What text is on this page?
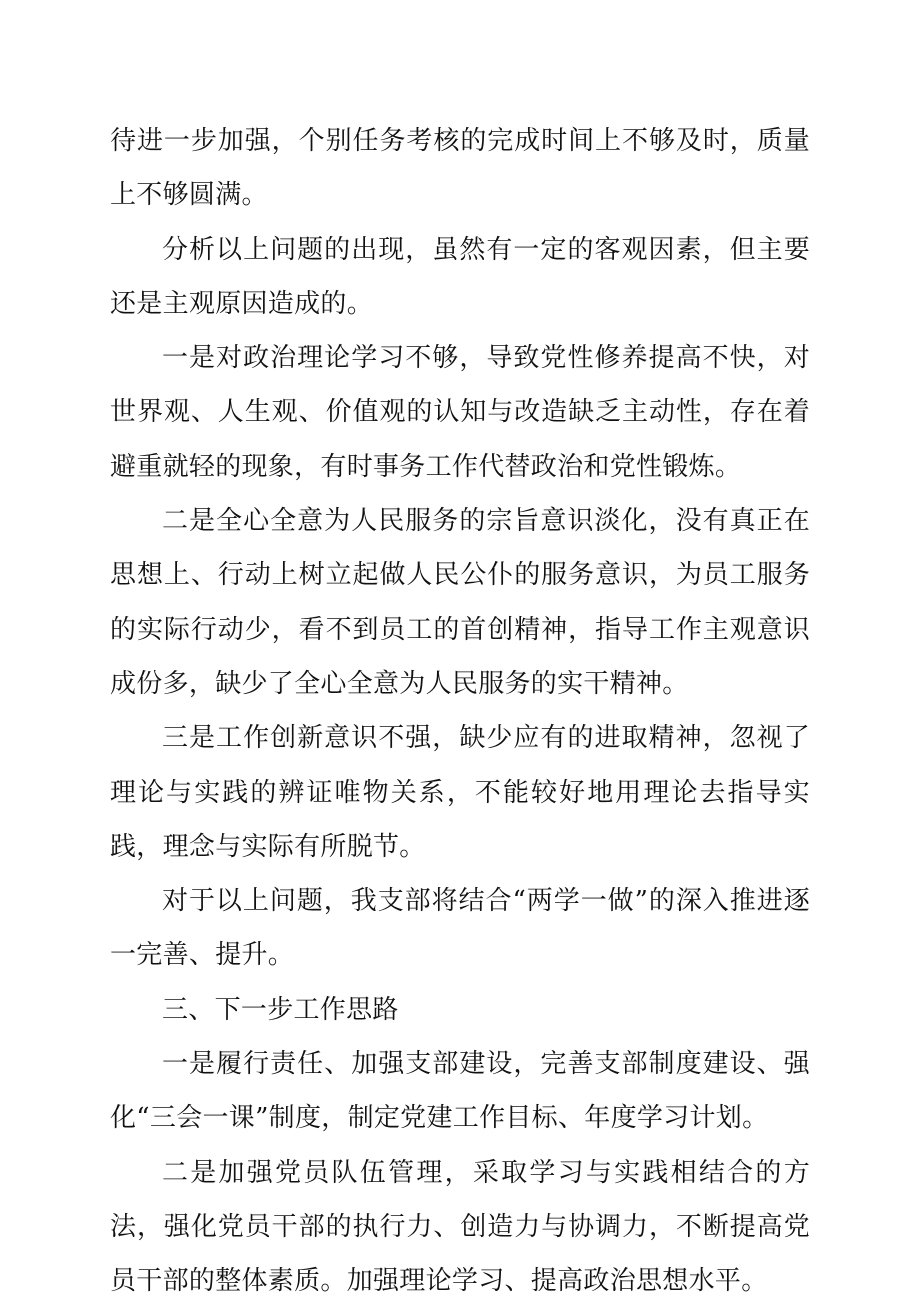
待进一步加强，个别任务考核的完成时间上不够及时，质量上不够圆满。

分析以上问题的出现，虽然有一定的客观因素，但主要还是主观原因造成的。

一是对政治理论学习不够，导致党性修养提高不快，对世界观、人生观、价值观的认知与改造缺乏主动性，存在着避重就轻的现象，有时事务工作代替政治和党性锻炼。

二是全心全意为人民服务的宗旨意识淡化，没有真正在思想上、行动上树立起做人民公仆的服务意识，为员工服务的实际行动少，看不到员工的首创精神，指导工作主观意识成份多，缺少了全心全意为人民服务的实干精神。

三是工作创新意识不强，缺少应有的进取精神，忽视了理论与实践的辨证唯物关系，不能较好地用理论去指导实践，理念与实际有所脱节。

对于以上问题，我支部将结合“两学一做”的深入推进逐一完善、提升。

三、下一步工作思路

一是履行责任、加强支部建设，完善支部制度建设、强化“三会一课”制度，制定党建工作目标、年度学习计划。

二是加强党员队伍管理，采取学习与实践相结合的方法，强化党员干部的执行力、创造力与协调力，不断提高党员干部的整体素质。加强理论学习、提高政治思想水平。
